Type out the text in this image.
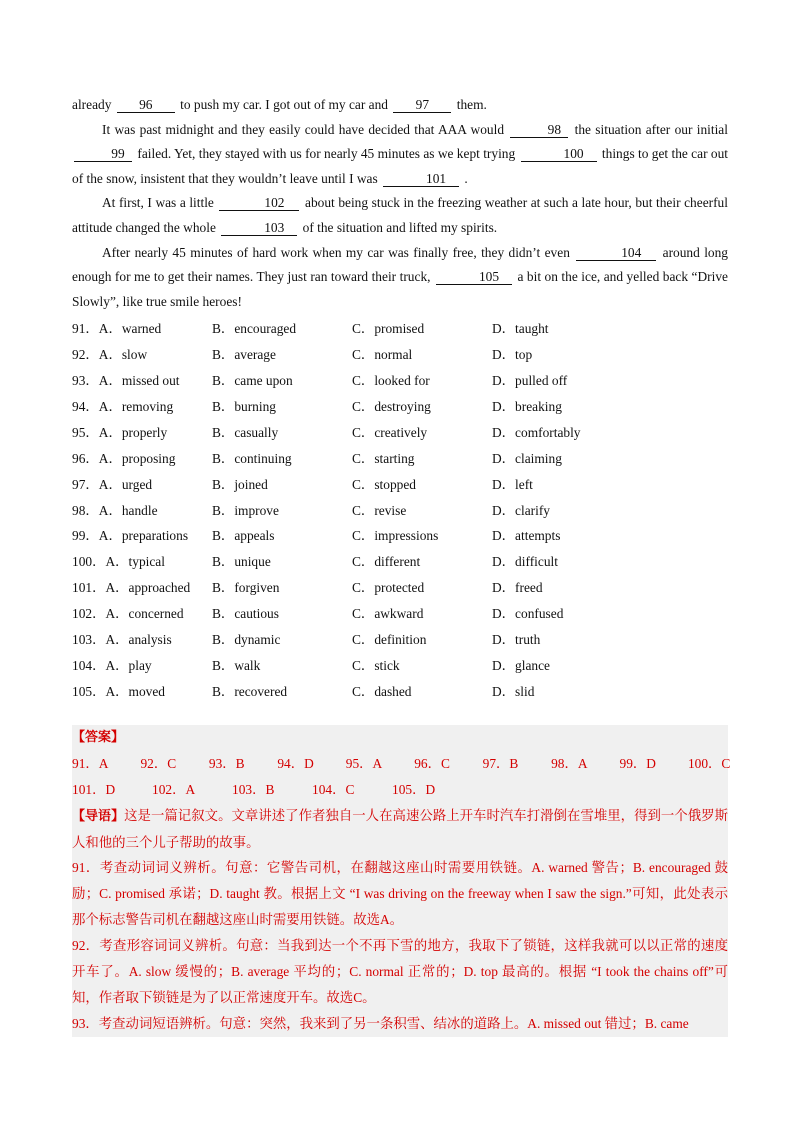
already 96 to push my car. I got out of my car and 97 them.

It was past midnight and they easily could have decided that AAA would	98 the situation after our initial 99 failed. Yet, they stayed with us for nearly 45 minutes as we kept trying	100 things to get the car out of the snow, insistent that they wouldn’t leave until I was	101 .

At first, I was a little	102 about being stuck in the freezing weather at such a late hour, but their cheerful attitude changed the whole	103 of the situation and lifted my spirits.

After nearly 45 minutes of hard work when my car was finally free, they didn’t even	104 around long enough for me to get their names. They just ran toward their truck,	105 a bit on the ice, and yelled back “Drive Slowly”, like true smile heroes!

91．A．warned	B．encouraged	C．promised	D．taught
92．A．slow	B．average	C．normal	D．top
93．A．missed out	B．came upon	C．looked for	D．pulled off
94．A．removing	B．burning	C．destroying	D．breaking
95．A．properly	B．casually	C．creatively	D．comfortably
96．A．proposing	B．continuing	C．starting	D．claiming
97．A．urged	B．joined	C．stopped	D．left
98．A．handle	B．improve	C．revise	D．clarify
99．A．preparations	B．appeals	C．impressions	D．attempts
100．A．typical	B．unique	C．different	D．difficult
101．A．approached	B．forgiven	C．protected	D．freed
102．A．concerned	B．cautious	C．awkward	D．confused
103．A．analysis	B．dynamic	C．definition	D．truth
104．A．play	B．walk	C．stick	D．glance
105．A．moved	B．recovered	C．dashed	D．slid
【答案】
91．A	92．C	93．B	94．D	95．A	96．C	97．B	98．A	99．D	100．C
101．D	102．A	103．B	104．C	105．D

【导语】这是一篇记叙文。文章讲述了作者独自一人在高速公路上开车时汽车打滑倒在雪堆里，得到一个俄罗斯人和他的三个儿子帮助的故事。

91．考查动词词义辨析。句意：它警告司机，在翻越这座山时需要用铁链。A. warned 警告；B. encouraged 鼓励；C. promised 承诺；D. taught 教。根据上文 “I was driving on the freeway when I saw the sign.”可知，此处表示那个标志警告司机在翻越这座山时需要用铁链。故选A。

92．考查形容词词义辨析。句意：当我到达一个不再下雪的地方，我取下了锁链，这样我就可以以正常的速度开车了。A. slow 缓慢的；B. average 平均的；C. normal 正常的；D. top 最高的。根据 “I took the chains off”可知，作者取下锁链是为了以正常速度开车。故选C。

93．考查动词短语辨析。句意：突然，我来到了另一条积雪、结冰的道路上。A. missed out 错过；B. came
